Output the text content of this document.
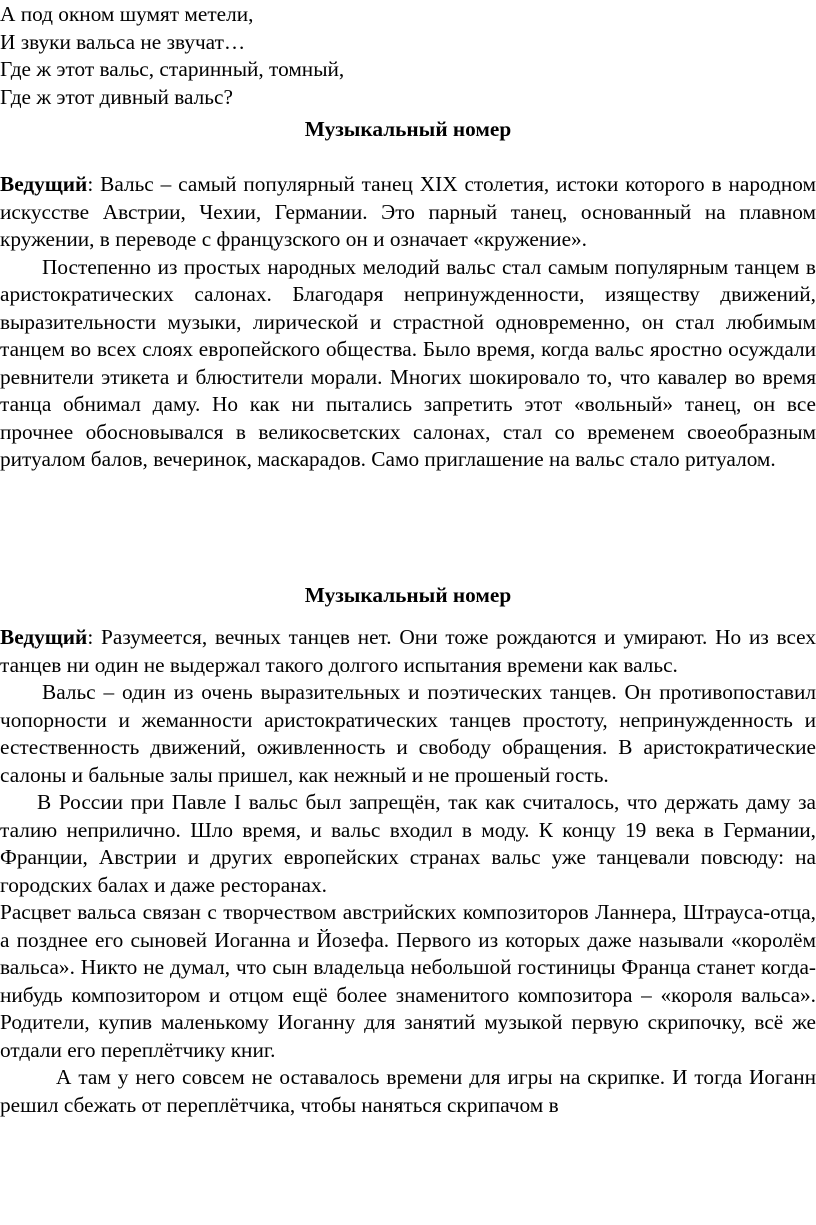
А под окном шумят метели,
И звуки вальса не звучат…
Где ж этот вальс, старинный, томный,
Где ж этот дивный вальс?
Музыкальный номер

Ведущий: Вальс – самый популярный танец XIX столетия, истоки которого в народном искусстве Австрии, Чехии, Германии. Это парный танец, основанный на плавном кружении, в переводе с французского он и означает «кружение».

Постепенно из простых народных мелодий вальс стал самым популярным танцем в аристократических салонах. Благодаря непринужденности, изяществу движений, выразительности музыки, лирической и страстной одновременно, он стал любимым танцем во всех слоях европейского общества. Было время, когда вальс яростно осуждали ревнители этикета и блюстители морали. Многих шокировало то, что кавалер во время танца обнимал даму. Но как ни пытались запретить этот «вольный» танец, он все прочнее обосновывался в великосветских салонах, стал со временем своеобразным ритуалом балов, вечеринок, маскарадов. Само приглашение на вальс стало ритуалом.

Музыкальный номер

Ведущий: Разумеется, вечных танцев нет. Они тоже рождаются и умирают. Но из всех танцев ни один не выдержал такого долгого испытания времени как вальс.

Вальс – один из очень выразительных и поэтических танцев. Он противопоставил чопорности и жеманности аристократических танцев простоту, непринужденность и естественность движений, оживленность и свободу обращения. В аристократические салоны и бальные залы пришел, как нежный и не прошеный гость.

В России при Павле I вальс был запрещён, так как считалось, что держать даму за талию неприлично. Шло время, и вальс входил в моду. К концу 19 века в Германии, Франции, Австрии и других европейских странах вальс уже танцевали повсюду: на городских балах и даже ресторанах.

Расцвет вальса связан с творчеством австрийских композиторов Ланнера, Штрауса-отца, а позднее его сыновей Иоганна и Йозефа. Первого из которых даже называли «королём вальса». Никто не думал, что сын владельца небольшой гостиницы Франца станет когда-нибудь композитором и отцом ещё более знаменитого композитора – «короля вальса». Родители, купив маленькому Иоганну для занятий музыкой первую скрипочку, всё же отдали его переплётчику книг.

А там у него совсем не оставалось времени для игры на скрипке. И тогда Иоганн решил сбежать от переплётчика, чтобы наняться скрипачом в
